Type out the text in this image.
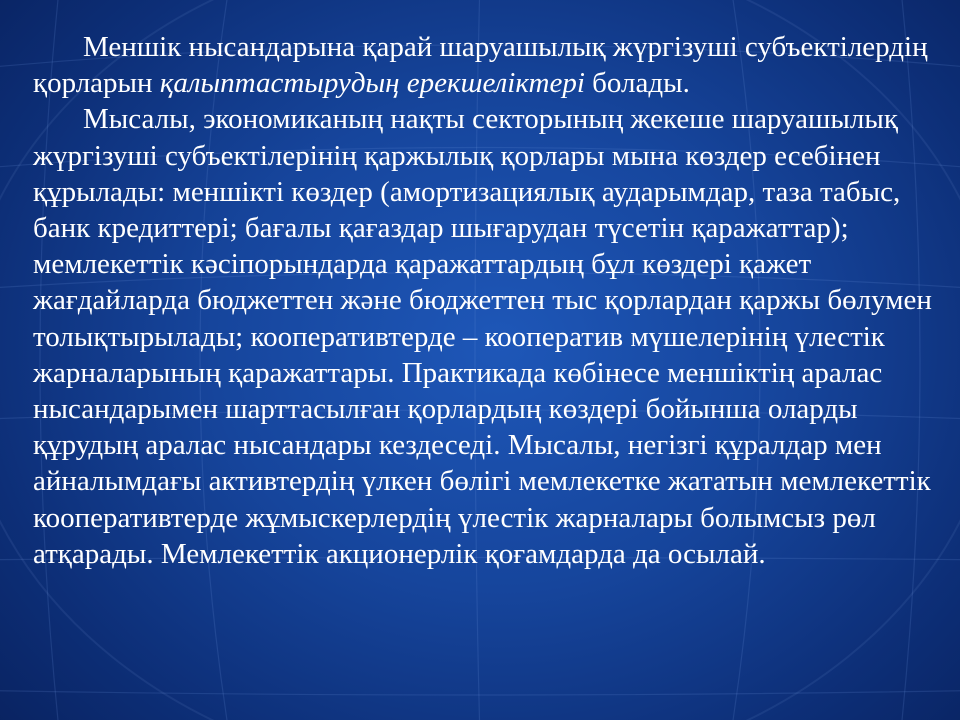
Меншік нысандарына қарай шаруашылық жүргізуші субъектілердің қорларын қалыптастырудың ерекшеліктері болады.

Мысалы, экономиканың нақты секторының жекеше шаруашылық жүргізуші субъектілерінің қаржылық қорлары мына көздер есебінен құрылады: меншікті көздер (амортизациялық аударымдар, таза табыс, банк кредиттері; бағалы қағаздар шығарудан түсетін қаражаттар); мемлекеттік кәсіпорындарда қаражаттардың бұл көздері қажет жағдайларда бюджеттен және бюджеттен тыс қорлардан қаржы бөлумен толықтырылады; кооперативтерде – кооператив мүшелерінің үлестік жарналарының қаражаттары. Практикада көбінесе меншіктің аралас нысандарымен шарттасылған қорлардың көздері бойынша оларды құрудың аралас нысандары кездеседі. Мысалы, негізгі құралдар мен айналымдағы активтердің үлкен бөлігі мемлекетке жататын мемлекеттік кооперативтерде жұмыскерлердің үлестік жарналары болымсыз рөл атқарады. Мемлекеттік акционерлік қоғамдарда да осылай.
